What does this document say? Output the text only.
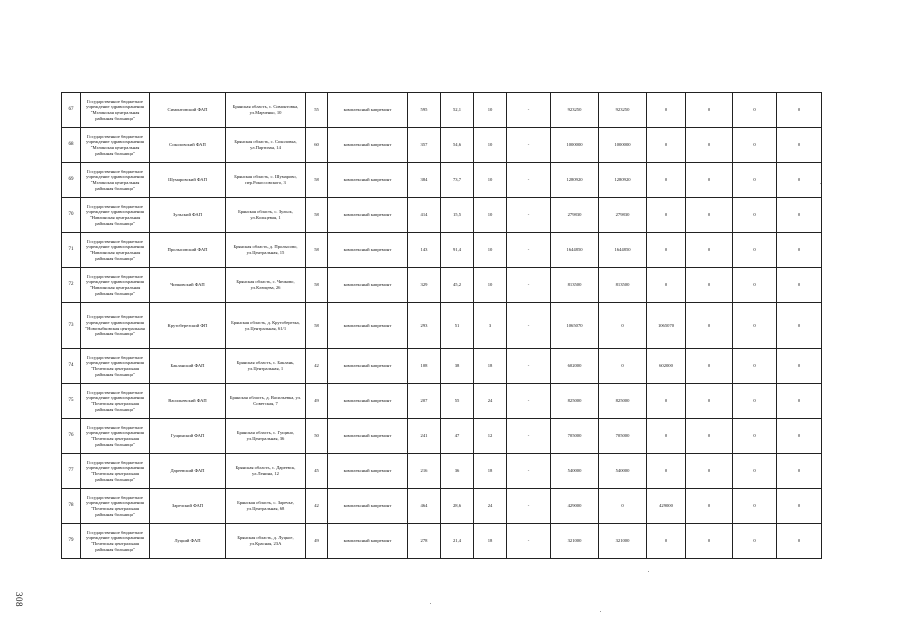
67	Государственное бюджетное учреждение здравоохранения "Мглинская центральная районная больница"	Симонтовский ФАП	Брянская область, с. Симонтовка, ул.Марченко, 10	55	комплексный капремонт	595	52,1	10	-	923250	923250	0	0	0	0
68	Государственное бюджетное учреждение здравоохранения "Мглинская центральная районная больница"	Соколовский ФАП	Брянская область, с. Соколовка, ул.Партизан, 14	60	комплексный капремонт	357	54,6	10	-	1000000	1000000	0	0	0	0
69	Государственное бюджетное учреждение здравоохранения "Мглинская центральная районная больница"	Шумаровский ФАП	Брянская область, с. Шумарово, пер.Рокоссовского, 3	58	комплексный капремонт	384	73,7	10	-	1280920	1280920	0	0	0	0
70	Государственное бюджетное учреждение здравоохранения "Навлинская центральная районная больница"	Зульский ФАП	Брянская область, с. Зульск, ул.Кольцевая, 1	58	комплексный капремонт	414	15,5	10	-	279830	279830	0	0	0	0
71	Государственное бюджетное учреждение здравоохранения "Навлинская центральная районная больница"	Пролысовский ФАП	Брянская область, д. Пролысово, ул.Центральная, 15	58	комплексный капремонт	143	91,4	10	-	1644850	1644850	0	0	0	0
72	Государственное бюджетное учреждение здравоохранения "Навлинская центральная районная больница"	Чичковский ФАП	Брянская область, с. Чичково, ул.Клюцева, 26	58	комплексный капремонт	329	45,2	10	-	813500	813500	0	0	0	0
73	Государственное бюджетное учреждение здравоохранения "Новозыбковская центральная районная больница"	Крутоберезский ФП	Брянская область, д. Крутоберезка, ул.Центральная, 61/1	58	комплексный капремонт	293	51	3	-	1065070	0	1065070	0	0	0
74	Государственное бюджетное учреждение здравоохранения "Почепская центральная районная больница"	Бакланский ФАП	Брянская область, с. Баклань, ул.Центральная, 1	42	комплексный капремонт	108	38	18	-	602000	0	602000	0	0	0
75	Государственное бюджетное учреждение здравоохранения "Почепская центральная районная больница"	Васильевский ФАП	Брянская область, д. Васильевка, ул. Советская, 7	49	комплексный капремонт	207	55	24	-	825000	825000	0	0	0	0
76	Государственное бюджетное учреждение здравоохранения "Почепская центральная районная больница"	Гущинский ФАП	Брянская область, с. Гущино, ул.Центральная, 36	50	комплексный капремонт	241	47	12	-	705000	705000	0	0	0	0
77	Государственное бюджетное учреждение здравоохранения "Почепская центральная районная больница"	Дареевский ФАП	Брянская область, с. Дареевск, ул.Ленина, 12	45	комплексный капремонт	216	36	18	-	540000	540000	0	0	0	0
78	Государственное бюджетное учреждение здравоохранения "Почепская центральная районная больница"	Заречский ФАП	Брянская область, с. Заречье, ул.Центральная, 68	42	комплексный капремонт	464	28,6	24	-	429000	0	429000	0	0	0
79	Государственное бюджетное учреждение здравоохранения "Почепская центральная районная больница"	Луцкий ФАП	Брянская область, д. Луцкое, ул.Красная, 23А	49	комплексный капремонт	278	21,4	18	-	321000	321000	0	0	0	0
308
